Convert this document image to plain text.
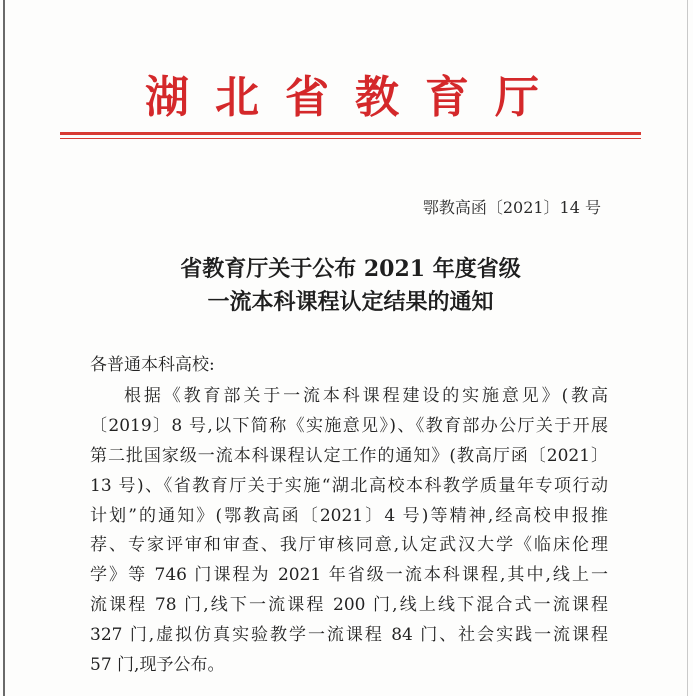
湖北省教育厅
鄂教高函〔2021〕14 号
省教育厅关于公布 2021 年度省级
一流本科课程认定结果的通知
各普通本科高校:
根据《教育部关于一流本科课程建设的实施意见》(教高
〔2019〕8 号,以下简称《实施意见》)、《教育部办公厅关于开展
第二批国家级一流本科课程认定工作的通知》(教高厅函〔2021〕
13 号)、《省教育厅关于实施“湖北高校本科教学质量年专项行动
计划”的通知》(鄂教高函〔2021〕4 号)等精神,经高校申报推
荐、专家评审和审查、我厅审核同意,认定武汉大学《临床伦理
学》等 746 门课程为 2021 年省级一流本科课程,其中,线上一
流课程 78 门,线下一流课程 200 门,线上线下混合式一流课程
327 门,虚拟仿真实验教学一流课程 84 门、社会实践一流课程
57 门,现予公布。
